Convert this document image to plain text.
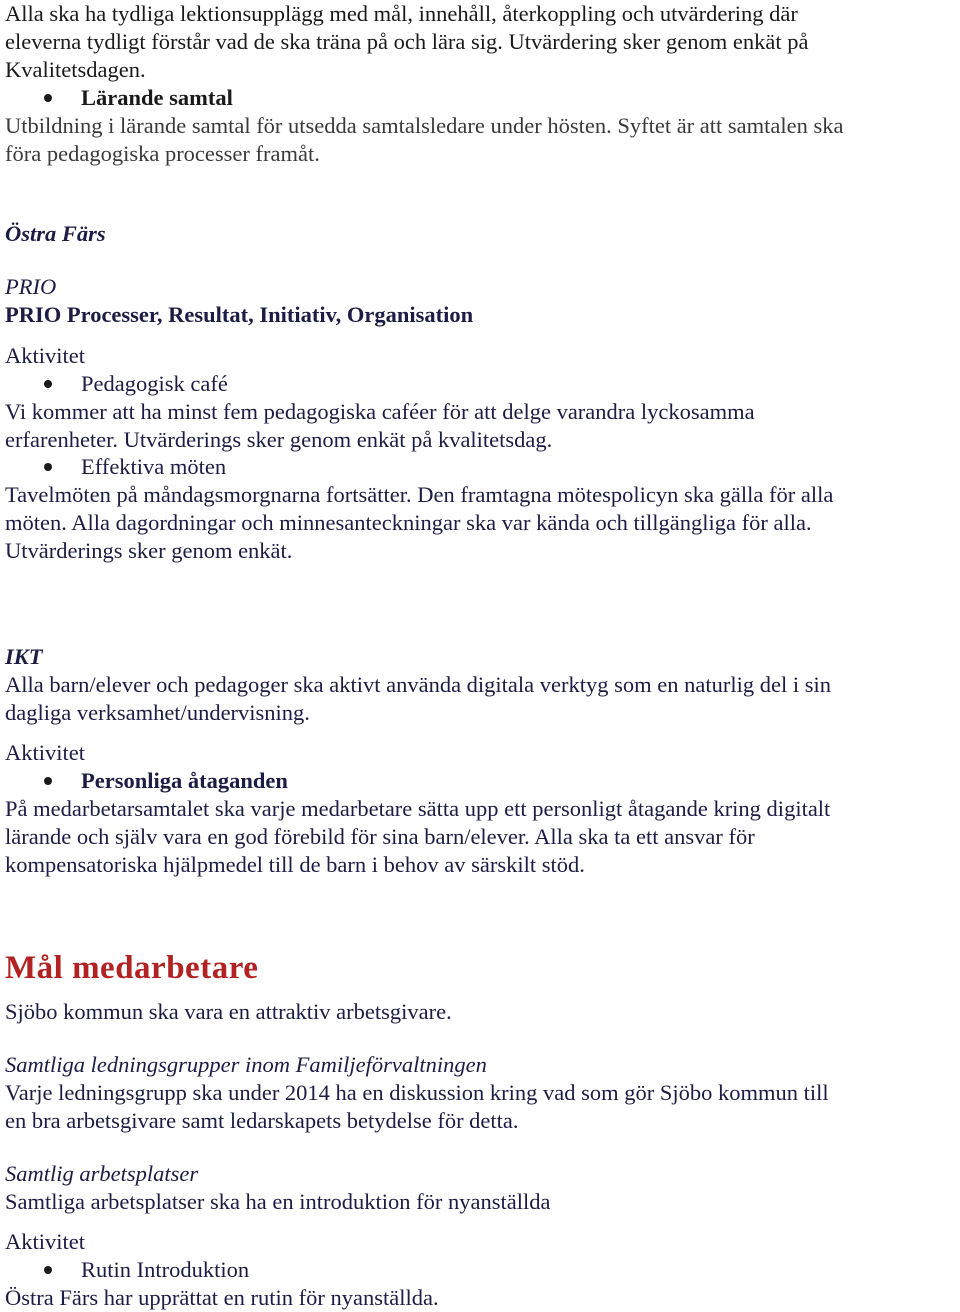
Alla ska ha tydliga lektionsupplägg med mål, innehåll, återkoppling och utvärdering där

eleverna tydligt förstår vad de ska träna på och lära sig. Utvärdering sker genom enkät på

Kvalitetsdagen.

Lärande samtal

Utbildning i lärande samtal för utsedda samtalsledare under hösten. Syftet är att samtalen ska

föra pedagogiska processer framåt.

Östra Färs

PRIO

PRIO Processer, Resultat, Initiativ, Organisation

Aktivitet

Pedagogisk café

Vi kommer att ha minst fem pedagogiska caféer för att delge varandra lyckosamma

erfarenheter. Utvärderings sker genom enkät på kvalitetsdag.

Effektiva möten

Tavelmöten på måndagsmorgnarna fortsätter. Den framtagna mötespolicyn ska gälla för alla

möten. Alla dagordningar och minnesanteckningar ska var kända och tillgängliga för alla.

Utvärderings sker genom enkät.

IKT

Alla barn/elever och pedagoger ska aktivt använda digitala verktyg som en naturlig del i sin

dagliga verksamhet/undervisning.

Aktivitet

Personliga åtaganden

På medarbetarsamtalet ska varje medarbetare sätta upp ett personligt åtagande kring digitalt

lärande och själv vara en god förebild för sina barn/elever. Alla ska ta ett ansvar för

kompensatoriska hjälpmedel till de barn i behov av särskilt stöd.

Mål medarbetare

Sjöbo kommun ska vara en attraktiv arbetsgivare.

Samtliga ledningsgrupper inom Familjeförvaltningen

Varje ledningsgrupp ska under 2014 ha en diskussion kring vad som gör Sjöbo kommun till

en bra arbetsgivare samt ledarskapets betydelse för detta.

Samtlig arbetsplatser

Samtliga arbetsplatser ska ha en introduktion för nyanställda

Aktivitet

Rutin Introduktion

Östra Färs har upprättat en rutin för nyanställda.
